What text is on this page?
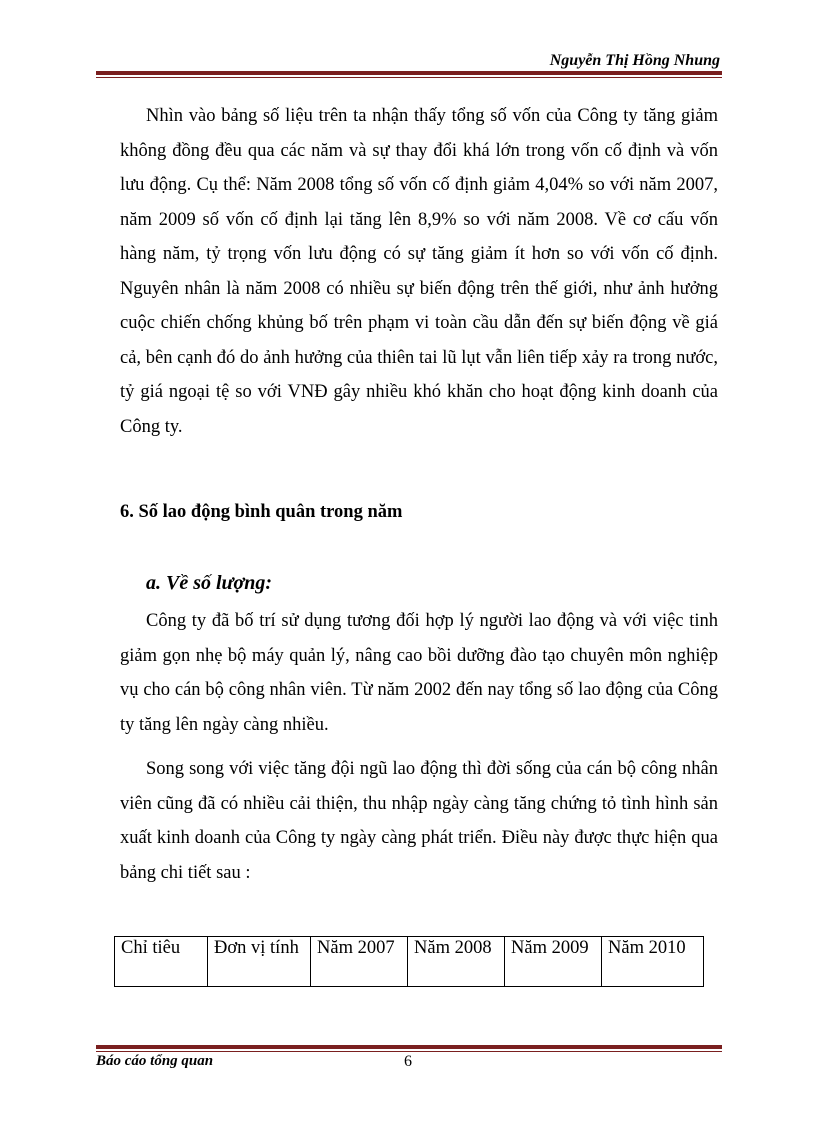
Nguyễn Thị Hồng Nhung
Nhìn vào bảng số liệu trên ta nhận thấy tổng số vốn của Công ty tăng giảm không đồng đều qua các năm và sự thay đổi khá lớn trong vốn cố định và vốn lưu động. Cụ thể: Năm 2008 tổng số vốn cố định giảm 4,04% so với năm 2007, năm 2009 số vốn cố định lại tăng lên 8,9% so với năm 2008. Về cơ cấu vốn hàng năm, tỷ trọng vốn lưu động có sự tăng giảm ít hơn so với vốn cố định. Nguyên nhân là năm 2008 có nhiều sự biến động trên thế giới, như ảnh hưởng cuộc chiến chống khủng bố trên phạm vi toàn cầu dẫn đến sự biến động về giá cả, bên cạnh đó do ảnh hưởng của thiên tai lũ lụt vẫn liên tiếp xảy ra trong nước, tỷ giá ngoại tệ so với VNĐ gây nhiều khó khăn cho hoạt động kinh doanh của Công ty.
6. Số lao động bình quân trong năm
a. Về số lượng:
Công ty đã bố trí sử dụng tương đối hợp lý người lao động và với việc tinh giảm gọn nhẹ bộ máy quản lý, nâng cao bồi dưỡng đào tạo chuyên môn nghiệp vụ cho cán bộ công nhân viên. Từ năm 2002 đến nay tổng số lao động của Công ty tăng lên ngày càng nhiều.
Song song với việc tăng đội ngũ lao động thì đời sống của cán bộ công nhân viên cũng đã có nhiều cải thiện, thu nhập ngày càng tăng chứng tỏ tình hình sản xuất kinh doanh của Công ty ngày càng phát triển. Điều này được thực hiện qua bảng chi tiết sau :
Chỉ tiêu	Đơn vị tính	Năm 2007	Năm 2008	Năm 2009	Năm 2010
Báo cáo tổng quan	6
